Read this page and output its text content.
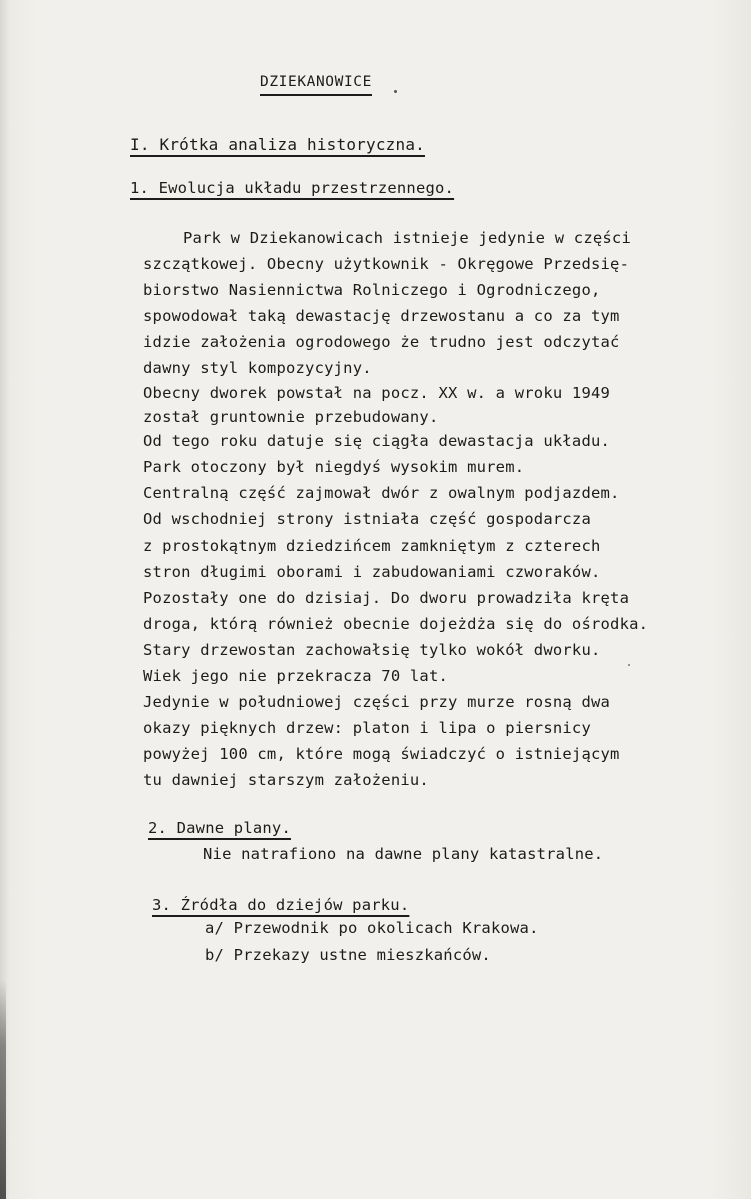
DZIEKANOWICE
I. Krótka analiza historyczna.
1. Ewolucja układu przestrzennego.
Park w Dziekanowicach istnieje jedynie w części
szczątkowej. Obecny użytkownik - Okręgowe Przedsię-
biorstwo Nasiennictwa Rolniczego i Ogrodniczego,
spowodował taką dewastację drzewostanu a co za tym
idzie założenia ogrodowego że trudno jest odczytać
dawny styl kompozycyjny.
Obecny dworek powstał na pocz. XX w. a wroku 1949
został gruntownie przebudowany.
Od tego roku datuje się ciągła dewastacja układu.
Park otoczony był niegdyś wysokim murem.
Centralną część zajmował dwór z owalnym podjazdem.
Od wschodniej strony istniała część gospodarcza
z prostokątnym dziedzińcem zamkniętym z czterech
stron długimi oborami i zabudowaniami czworaków.
Pozostały one do dzisiaj. Do dworu prowadziła kręta
droga, którą również obecnie dojeżdża się do ośrodka.
Stary drzewostan zachowałsię tylko wokół dworku.
Wiek jego nie przekracza 70 lat.
Jedynie w południowej części przy murze rosną dwa
okazy pięknych drzew: platon i lipa o piersnicy
powyżej 100 cm, które mogą świadczyć o istniejącym
tu dawniej starszym założeniu.
2. Dawne plany.
Nie natrafiono na dawne plany katastralne.
3. Źródła do dziejów parku.
a/ Przewodnik po okolicach Krakowa.
b/ Przekazy ustne mieszkańców.
